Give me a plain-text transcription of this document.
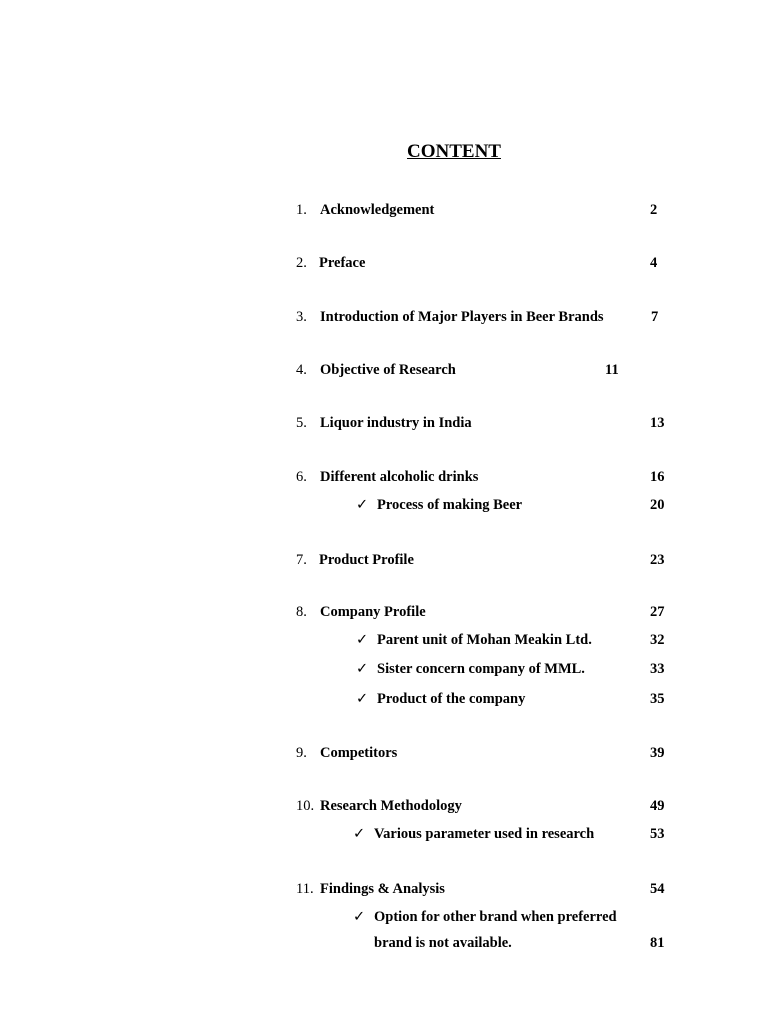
CONTENT
1. Acknowledgement	2
2. Preface	4
3. Introduction of Major Players in Beer Brands	7
4. Objective of Research	11
5. Liquor industry in India	13
6. Different alcoholic drinks	16
✓ Process of making Beer	20
7. Product Profile	23
8. Company Profile	27
✓ Parent unit of Mohan Meakin Ltd.	32
✓ Sister concern company of MML.	33
✓ Product of the company	35
9. Competitors	39
10. Research Methodology	49
✓ Various parameter used in research	53
11. Findings & Analysis	54
✓ Option for other brand when preferred
brand is not available.	81
